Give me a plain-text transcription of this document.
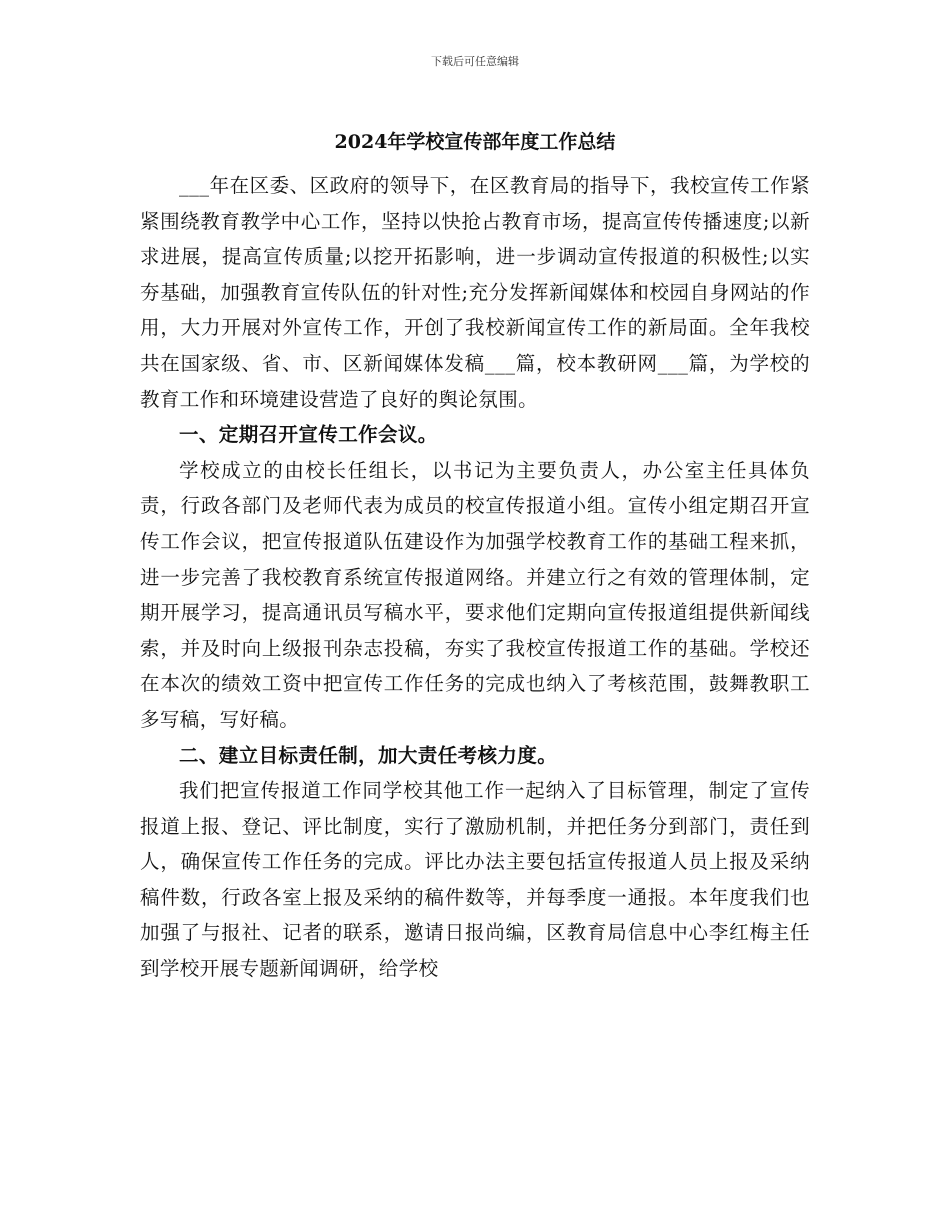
下载后可任意编辑
2024年学校宣传部年度工作总结

___年在区委、区政府的领导下，在区教育局的指导下，我校宣传工作紧紧围绕教育教学中心工作，坚持以快抢占教育市场，提高宣传传播速度;以新求进展，提高宣传质量;以挖开拓影响，进一步调动宣传报道的积极性;以实夯基础，加强教育宣传队伍的针对性;充分发挥新闻媒体和校园自身网站的作用，大力开展对外宣传工作，开创了我校新闻宣传工作的新局面。全年我校共在国家级、省、市、区新闻媒体发稿___篇，校本教研网___篇，为学校的教育工作和环境建设营造了良好的舆论氛围。

一、定期召开宣传工作会议。

学校成立的由校长任组长，以书记为主要负责人，办公室主任具体负责，行政各部门及老师代表为成员的校宣传报道小组。宣传小组定期召开宣传工作会议，把宣传报道队伍建设作为加强学校教育工作的基础工程来抓，进一步完善了我校教育系统宣传报道网络。并建立行之有效的管理体制，定期开展学习，提高通讯员写稿水平，要求他们定期向宣传报道组提供新闻线索，并及时向上级报刊杂志投稿，夯实了我校宣传报道工作的基础。学校还在本次的绩效工资中把宣传工作任务的完成也纳入了考核范围，鼓舞教职工多写稿，写好稿。

二、建立目标责任制，加大责任考核力度。

我们把宣传报道工作同学校其他工作一起纳入了目标管理，制定了宣传报道上报、登记、评比制度，实行了激励机制，并把任务分到部门，责任到人，确保宣传工作任务的完成。评比办法主要包括宣传报道人员上报及采纳稿件数，行政各室上报及采纳的稿件数等，并每季度一通报。本年度我们也加强了与报社、记者的联系，邀请日报尚编，区教育局信息中心李红梅主任到学校开展专题新闻调研，给学校
